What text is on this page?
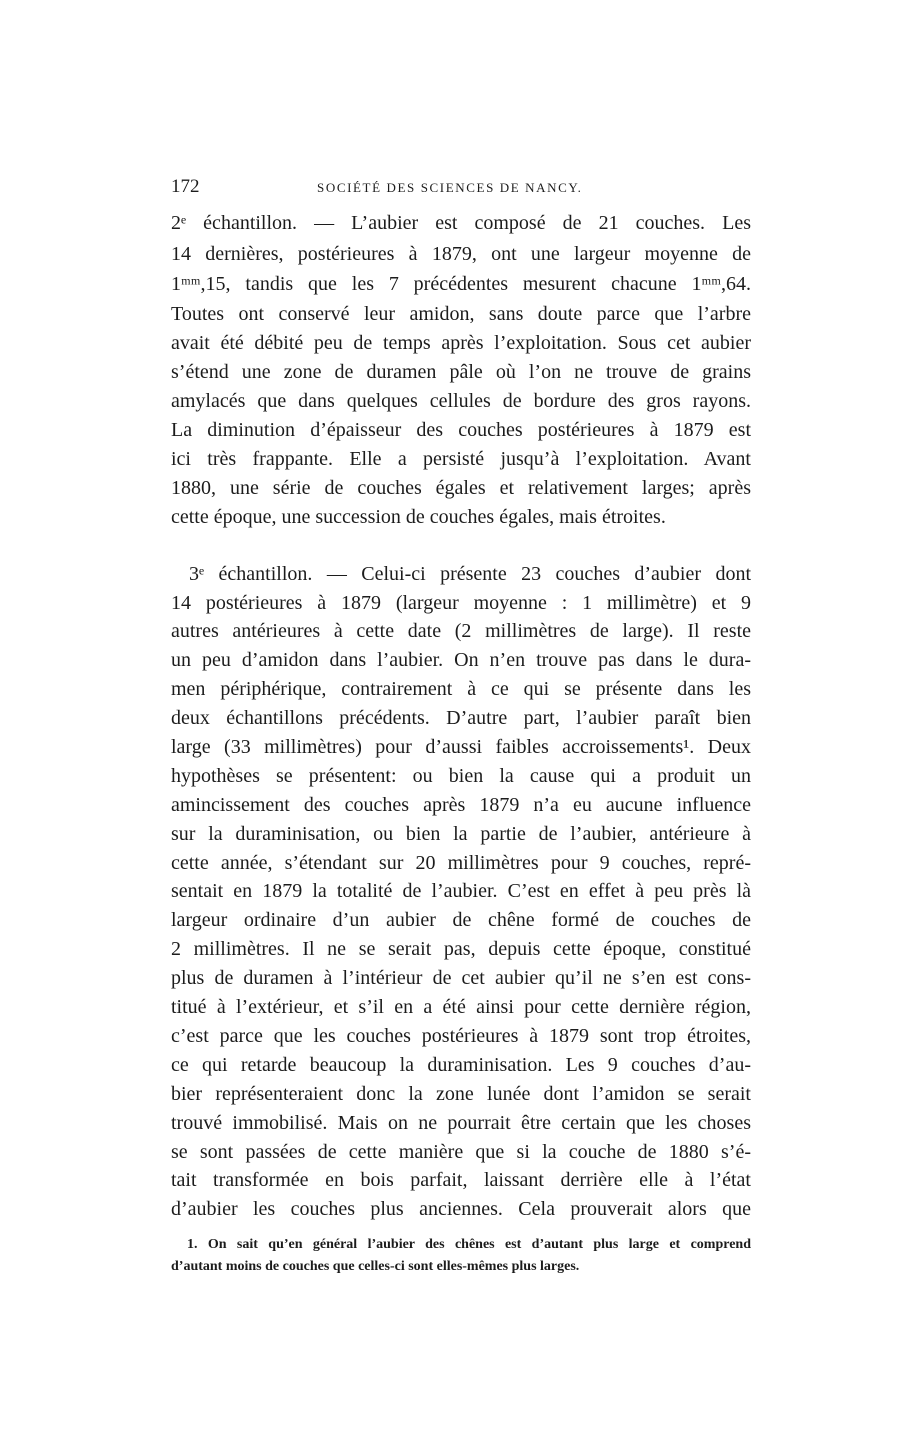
172	SOCIÉTÉ DES SCIENCES DE NANCY.
2ᵉ échantillon. — L’aubier est composé de 21 couches. Les
14 dernières, postérieures à 1879, ont une largeur moyenne de
1ᵐᵐ,15, tandis que les 7 précédentes mesurent chacune 1ᵐᵐ,64.
Toutes ont conservé leur amidon, sans doute parce que l’arbre
avait été débité peu de temps après l’exploitation. Sous cet aubier
s’étend une zone de duramen pâle où l’on ne trouve de grains
amylacés que dans quelques cellules de bordure des gros rayons.
La diminution d’épaisseur des couches postérieures à 1879 est
ici très frappante. Elle a persisté jusqu’à l’exploitation. Avant
1880, une série de couches égales et relativement larges; après
cette époque, une succession de couches égales, mais étroites.
3ᵉ échantillon. — Celui-ci présente 23 couches d’aubier dont
14 postérieures à 1879 (largeur moyenne : 1 millimètre) et 9
autres antérieures à cette date (2 millimètres de large). Il reste
un peu d’amidon dans l’aubier. On n’en trouve pas dans le dura-
men périphérique, contrairement à ce qui se présente dans les
deux échantillons précédents. D’autre part, l’aubier paraît bien
large (33 millimètres) pour d’aussi faibles accroissements¹. Deux
hypothèses se présentent: ou bien la cause qui a produit un
amincissement des couches après 1879 n’a eu aucune influence
sur la duraminisation, ou bien la partie de l’aubier, antérieure à
cette année, s’étendant sur 20 millimètres pour 9 couches, repré-
sentait en 1879 la totalité de l’aubier. C’est en effet à peu près là
largeur ordinaire d’un aubier de chêne formé de couches de
2 millimètres. Il ne se serait pas, depuis cette époque, constitué
plus de duramen à l’intérieur de cet aubier qu’il ne s’en est cons-
titué à l’extérieur, et s’il en a été ainsi pour cette dernière région,
c’est parce que les couches postérieures à 1879 sont trop étroites,
ce qui retarde beaucoup la duraminisation. Les 9 couches d’au-
bier représenteraient donc la zone lunée dont l’amidon se serait
trouvé immobilisé. Mais on ne pourrait être certain que les choses
se sont passées de cette manière que si la couche de 1880 s’é-
tait transformée en bois parfait, laissant derrière elle à l’état
d’aubier les couches plus anciennes. Cela prouverait alors que
1. On sait qu’en général l’aubier des chênes est d’autant plus large et comprend
d’autant moins de couches que celles-ci sont elles-mêmes plus larges.
